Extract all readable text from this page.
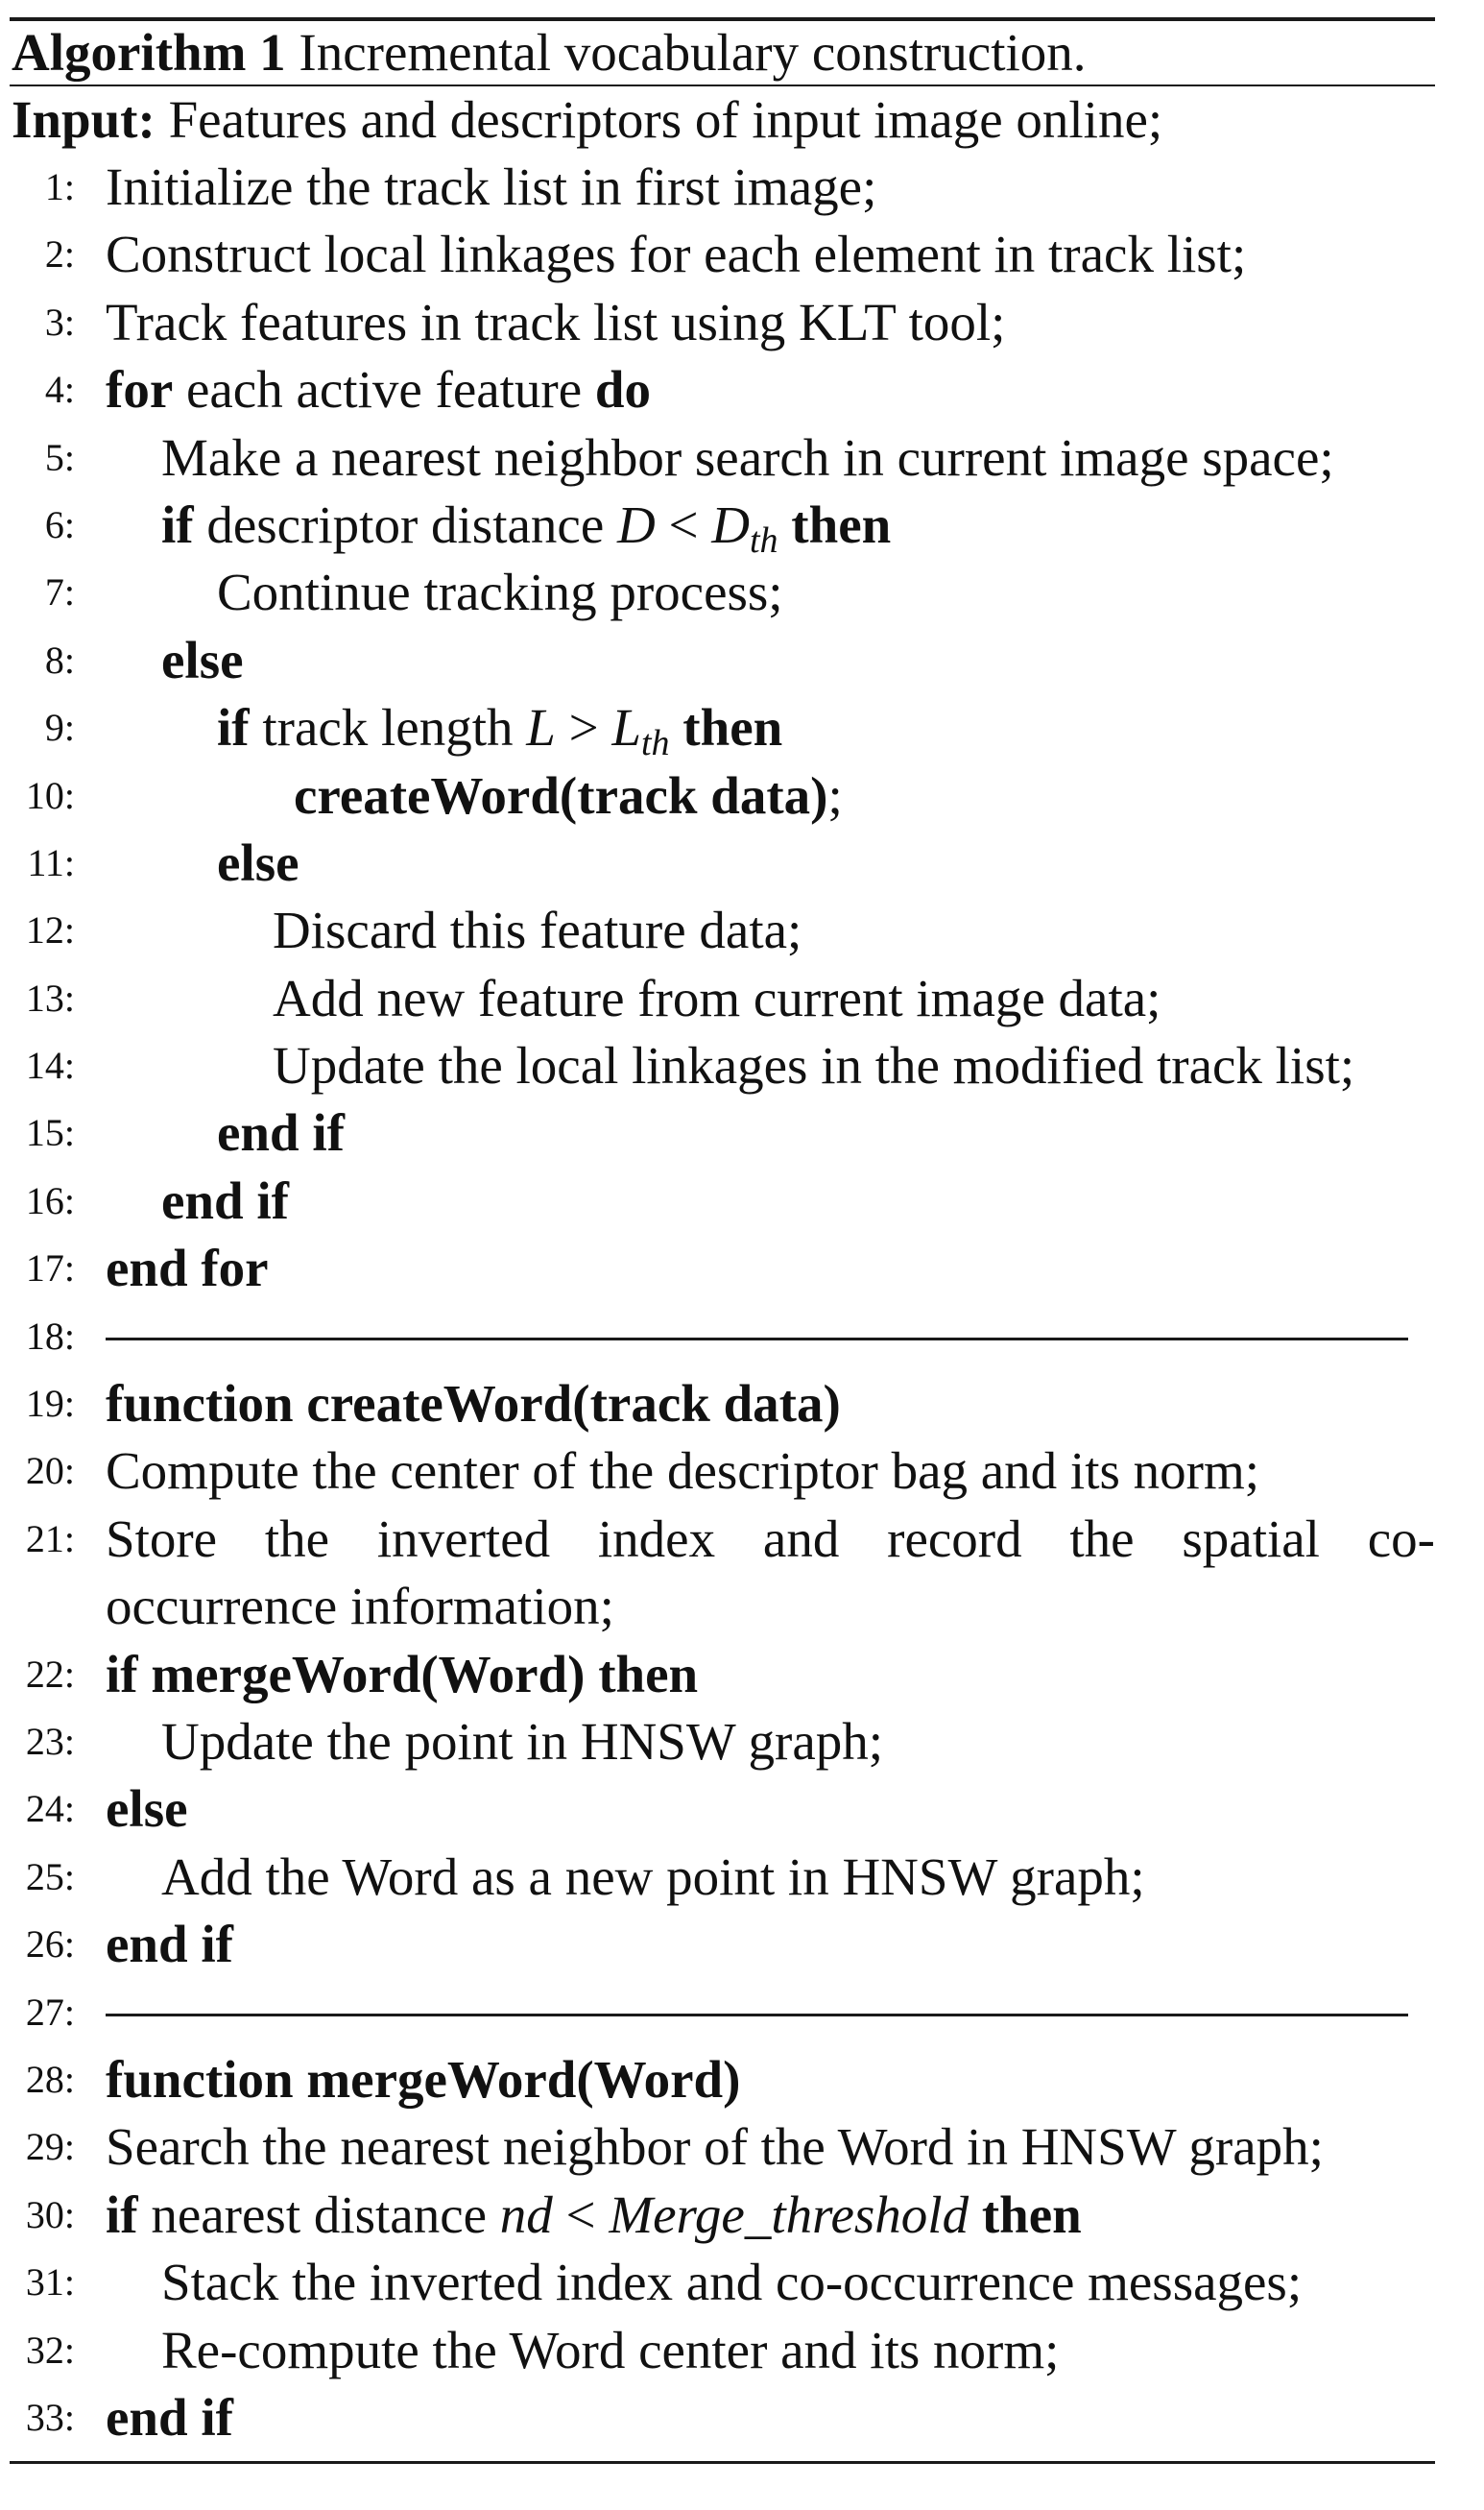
Algorithm 1 Incremental vocabulary construction.
Input: Features and descriptors of input image online;
1: Initialize the track list in first image;
2: Construct local linkages for each element in track list;
3: Track features in track list using KLT tool;
4: for each active feature do
5: Make a nearest neighbor search in current image space;
6: if descriptor distance $D < D_{th}$ then
7:	Continue tracking process;
8: else
9:	if track length $L > L_{th}$ then
10:	createWord(track data);
11:	else
12:	Discard this feature data;
13:	Add new feature from current image data;
14:	Update the local linkages in the modified track list;
15:	end if
16: end if
17: end for
18:
19: function createWord(track data)
20: Compute the center of the descriptor bag and its norm;
21: Store the inverted index and record the spatial co-
occurrence information;
22: if mergeWord(Word) then
23: Update the point in HNSW graph;
24: else
25: Add the Word as a new point in HNSW graph;
26: end if
27:
28: function mergeWord(Word)
29: Search the nearest neighbor of the Word in HNSW graph;
30: if nearest distance nd < Merge_threshold then
31: Stack the inverted index and co-occurrence messages;
32: Re-compute the Word center and its norm;
33: end if
